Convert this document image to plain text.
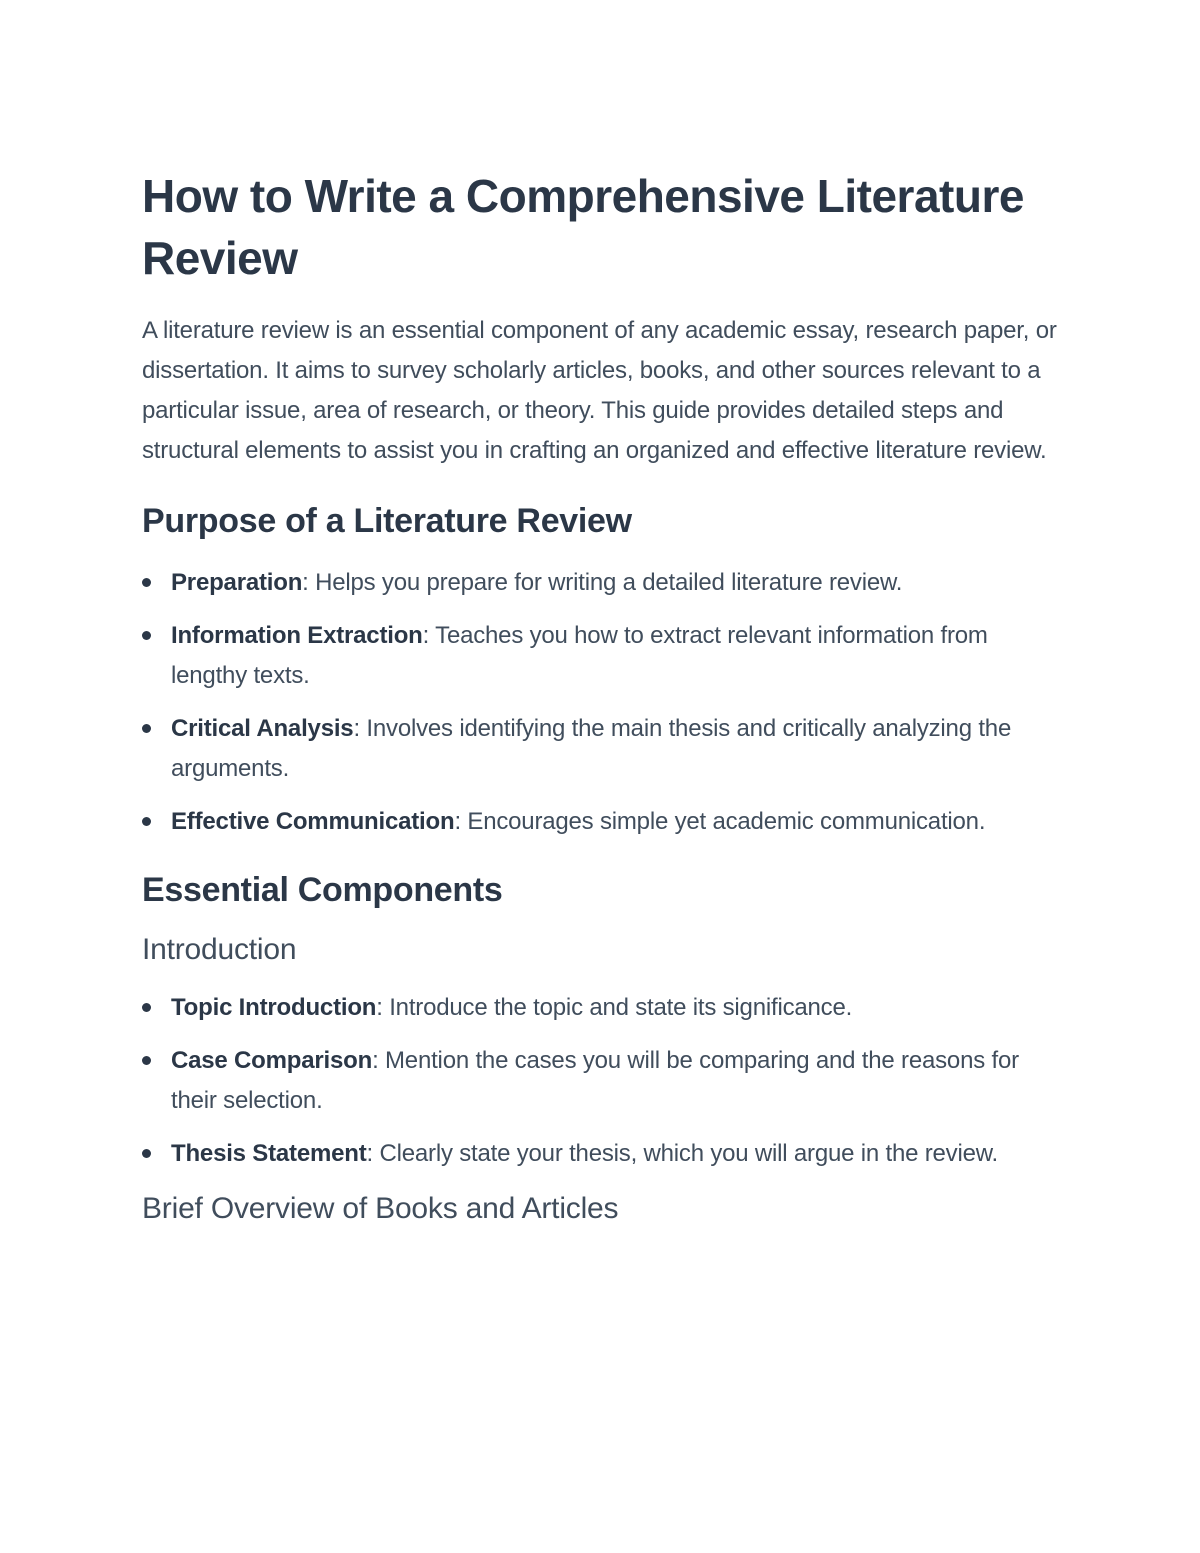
How to Write a Comprehensive Literature Review

A literature review is an essential component of any academic essay, research paper, or dissertation. It aims to survey scholarly articles, books, and other sources relevant to a particular issue, area of research, or theory. This guide provides detailed steps and structural elements to assist you in crafting an organized and effective literature review.

Purpose of a Literature Review
Preparation: Helps you prepare for writing a detailed literature review.
Information Extraction: Teaches you how to extract relevant information from lengthy texts.
Critical Analysis: Involves identifying the main thesis and critically analyzing the arguments.
Effective Communication: Encourages simple yet academic communication.
Essential Components
Introduction
Topic Introduction: Introduce the topic and state its significance.
Case Comparison: Mention the cases you will be comparing and the reasons for their selection.
Thesis Statement: Clearly state your thesis, which you will argue in the review.
Brief Overview of Books and Articles
